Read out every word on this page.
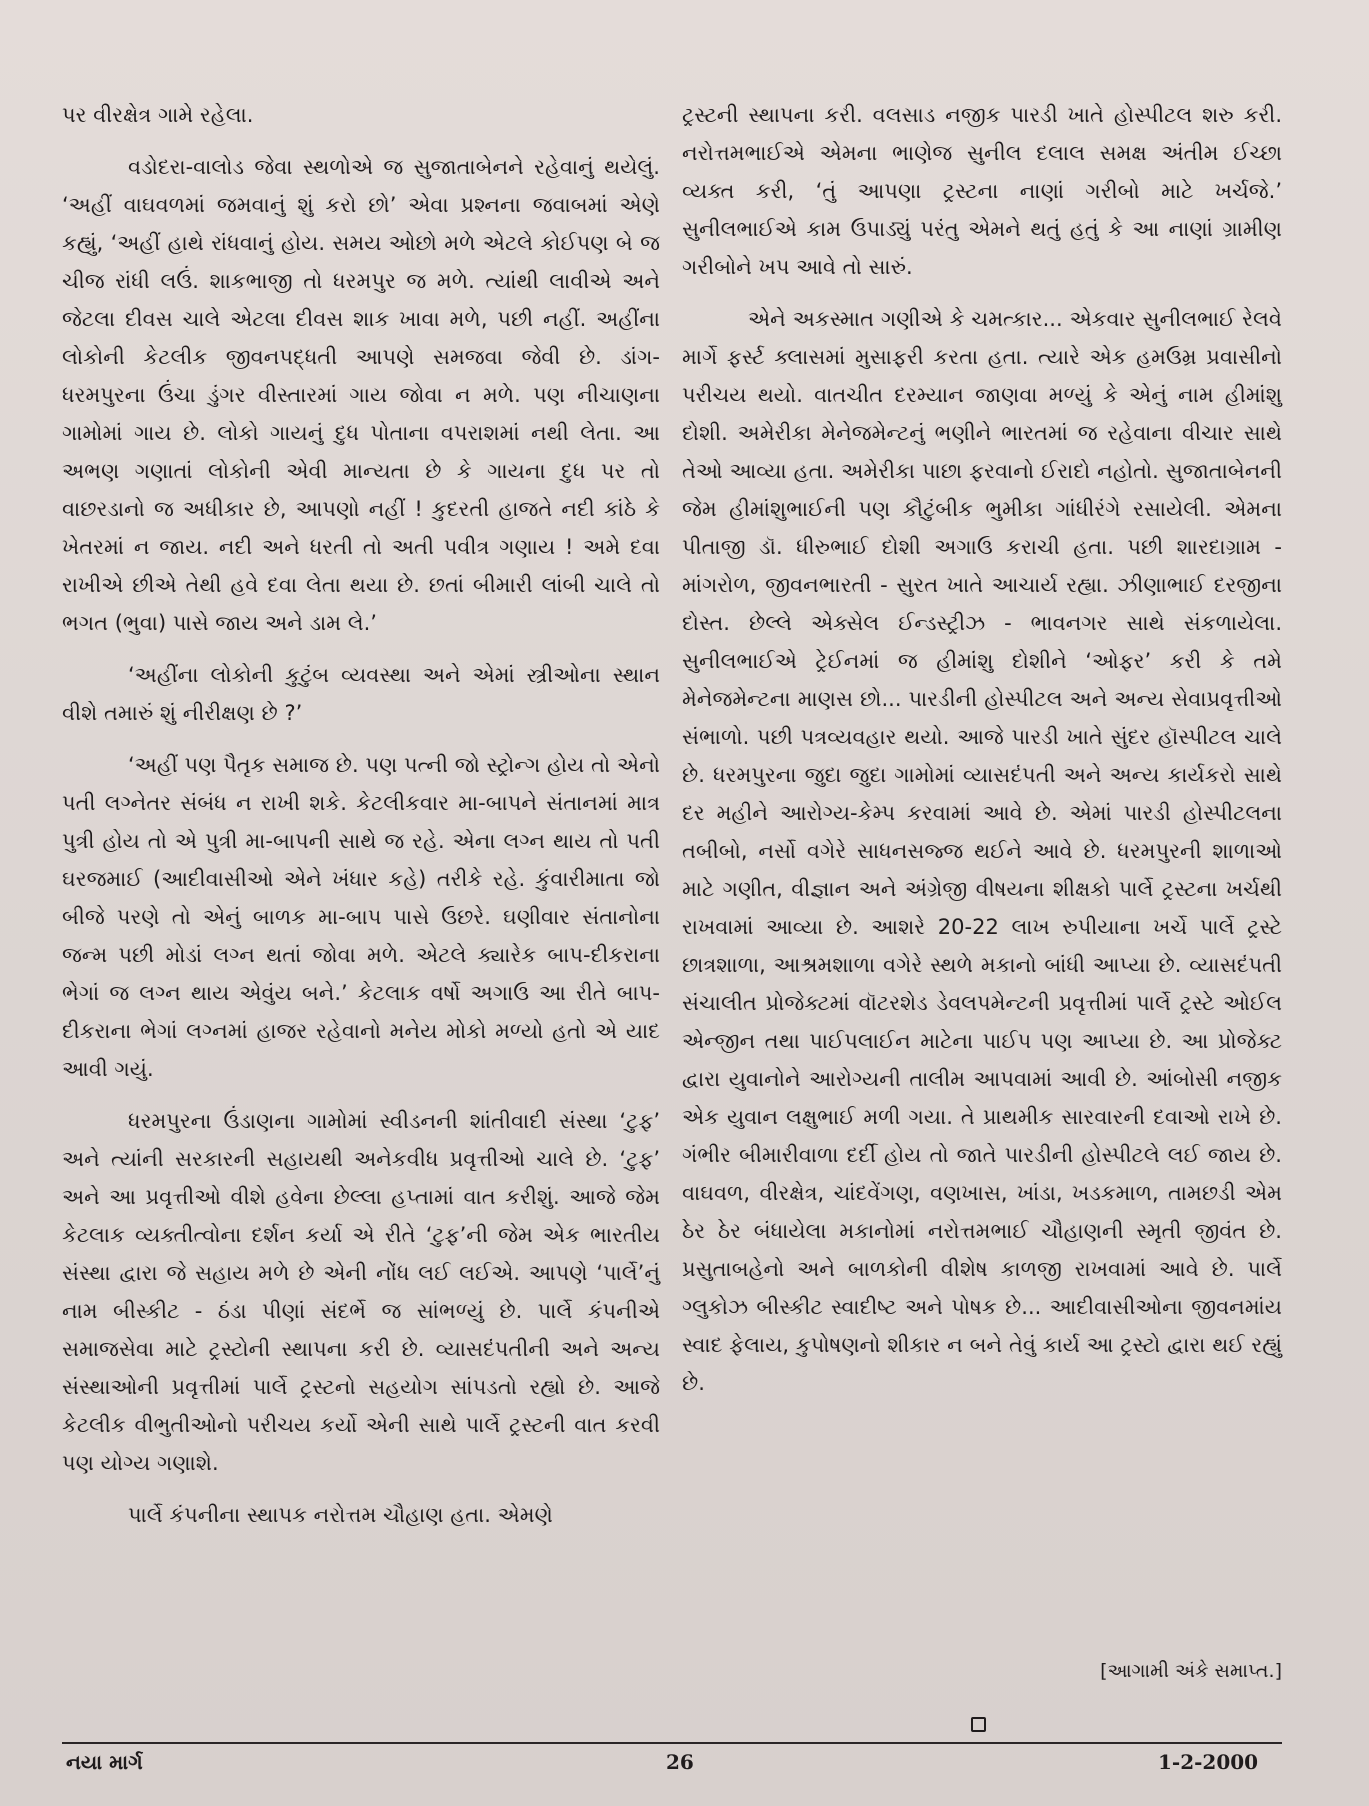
પર વીરક્ષેત્ર ગામે રહેલા.

વડોદરા-વાલોડ જેવા સ્થળોએ જ સુજાતાબેનને રહેવાનું થયેલું. ‘અહીં વાઘવળમાં જમવાનું શું કરો છો’ એવા પ્રશ્નના જવાબમાં એણે કહ્યું, ‘અહીં હાથે રાંધવાનું હોય. સમય ઓછો મળે એટલે કોઈપણ બે જ ચીજ રાંધી લઉં. શાકભાજી તો ધરમપુર જ મળે. ત્યાંથી લાવીએ અને જેટલા દીવસ ચાલે એટલા દીવસ શાક ખાવા મળે, પછી નહીં. અહીંના લોકોની કેટલીક જીવનપદ્ધતી આપણે સમજવા જેવી છે. ડાંગ-ધરમપુરના ઉંચા ડુંગર વીસ્તારમાં ગાય જોવા ન મળે. પણ નીચાણના ગામોમાં ગાય છે. લોકો ગાયનું દુધ પોતાના વપરાશમાં નથી લેતા. આ અભણ ગણાતાં લોકોની એવી માન્યતા છે કે ગાયના દુધ પર તો વાછરડાનો જ અધીકાર છે, આપણો નહીં ! કુદરતી હાજતે નદી કાંઠે કે ખેતરમાં ન જાય. નદી અને ધરતી તો અતી પવીત્ર ગણાય ! અમે દવા રાખીએ છીએ તેથી હવે દવા લેતા થયા છે. છતાં બીમારી લાંબી ચાલે તો ભગત (ભુવા) પાસે જાય અને ડામ લે.’

‘અહીંના લોકોની કુટુંબ વ્યવસ્થા અને એમાં સ્ત્રીઓના સ્થાન વીશે તમારું શું નીરીક્ષણ છે ?’

‘અહીં પણ પૈતૃક સમાજ છે. પણ પત્ની જો સ્ટ્રોન્ગ હોય તો એનો પતી લગ્નેતર સંબંધ ન રાખી શકે. કેટલીકવાર મા-બાપને સંતાનમાં માત્ર પુત્રી હોય તો એ પુત્રી મા-બાપની સાથે જ રહે. એના લગ્ન થાય તો પતી ઘરજમાઈ (આદીવાસીઓ એને ખંધાર કહે) તરીકે રહે. કુંવારીમાતા જો બીજે પરણે તો એનું બાળક મા-બાપ પાસે ઉછરે. ઘણીવાર સંતાનોના જન્મ પછી મોડાં લગ્ન થતાં જોવા મળે. એટલે ક્યારેક બાપ-દીકરાના ભેગાં જ લગ્ન થાય એવુંય બને.’ કેટલાક વર્ષો અગાઉ આ રીતે બાપ-દીકરાના ભેગાં લગ્નમાં હાજર રહેવાનો મનેય મોકો મળ્યો હતો એ યાદ આવી ગયું.

ધરમપુરના ઉંડાણના ગામોમાં સ્વીડનની શાંતીવાદી સંસ્થા ‘ટુફ’ અને ત્યાંની સરકારની સહાયથી અનેકવીધ પ્રવૃત્તીઓ ચાલે છે. ‘ટુફ’ અને આ પ્રવૃત્તીઓ વીશે હવેના છેલ્લા હપ્તામાં વાત કરીશું. આજે જેમ કેટલાક વ્યક્તીત્વોના દર્શન કર્યા એ રીતે ‘ટુફ’ની જેમ એક ભારતીય સંસ્થા દ્વારા જે સહાય મળે છે એની નોંધ લઈ લઈએ. આપણે ‘પાર્લે’નું નામ બીસ્કીટ - ઠંડા પીણાં સંદર્ભે જ સાંભળ્યું છે. પાર્લે કંપનીએ સમાજસેવા માટે ટ્રસ્ટોની સ્થાપના કરી છે. વ્યાસદંપતીની અને અન્ય સંસ્થાઓની પ્રવૃત્તીમાં પાર્લે ટ્રસ્ટનો સહયોગ સાંપડતો રહ્યો છે. આજે કેટલીક વીભુતીઓનો પરીચય કર્યો એની સાથે પાર્લે ટ્રસ્ટની વાત કરવી પણ યોગ્ય ગણાશે.

પાર્લે કંપનીના સ્થાપક નરોત્તમ ચૌહાણ હતા. એમણે

ટ્રસ્ટની સ્થાપના કરી. વલસાડ નજીક પારડી ખાતે હોસ્પીટલ શરુ કરી. નરોત્તમભાઈએ એમના ભાણેજ સુનીલ દલાલ સમક્ષ અંતીમ ઈચ્છા વ્યક્ત કરી, ‘તું આપણા ટ્રસ્ટના નાણાં ગરીબો માટે ખર્ચજે.’ સુનીલભાઈએ કામ ઉપાડ્યું પરંતુ એમને થતું હતું કે આ નાણાં ગ્રામીણ ગરીબોને ખપ આવે તો સારું.

એને અકસ્માત ગણીએ કે ચમત્કાર... એકવાર સુનીલભાઈ રેલવે માર્ગે ફર્સ્ટ ક્લાસમાં મુસાફરી કરતા હતા. ત્યારે એક હમઉમ્ર પ્રવાસીનો પરીચય થયો. વાતચીત દરમ્યાન જાણવા મળ્યું કે એનું નામ હીમાંશુ દોશી. અમેરીકા મેનેજમેન્ટનું ભણીને ભારતમાં જ રહેવાના વીચાર સાથે તેઓ આવ્યા હતા. અમેરીકા પાછા ફરવાનો ઈરાદો નહોતો. સુજાતાબેનની જેમ હીમાંશુભાઈની પણ કૌટુંબીક ભુમીકા ગાંધીરંગે રસાયેલી. એમના પીતાજી ડૉ. ધીરુભાઈ દોશી અગાઉ કરાચી હતા. પછી શારદાગ્રામ - માંગરોળ, જીવનભારતી - સુરત ખાતે આચાર્ય રહ્યા. ઝીણાભાઈ દરજીના દોસ્ત. છેલ્લે એક્સેલ ઈન્ડસ્ટ્રીઝ - ભાવનગર સાથે સંકળાયેલા. સુનીલભાઈએ ટ્રેઈનમાં જ હીમાંશુ દોશીને ‘ઓફર’ કરી કે તમે મેનેજમેન્ટના માણસ છો... પારડીની હોસ્પીટલ અને અન્ય સેવાપ્રવૃત્તીઓ સંભાળો. પછી પત્રવ્યવહાર થયો. આજે પારડી ખાતે સુંદર હૉસ્પીટલ ચાલે છે. ધરમપુરના જુદા જુદા ગામોમાં વ્યાસદંપતી અને અન્ય કાર્યકરો સાથે દર મહીને આરોગ્ય-કેમ્પ કરવામાં આવે છે. એમાં પારડી હોસ્પીટલના તબીબો, નર્સો વગેરે સાધનસજ્જ થઈને આવે છે. ધરમપુરની શાળાઓ માટે ગણીત, વીજ્ઞાન અને અંગ્રેજી વીષયના શીક્ષકો પાર્લે ટ્રસ્ટના ખર્ચથી રાખવામાં આવ્યા છે. આશરે 20-22 લાખ રુપીયાના ખર્ચે પાર્લે ટ્રસ્ટે છાત્રશાળા, આશ્રમશાળા વગેરે સ્થળે મકાનો બાંધી આપ્યા છે. વ્યાસદંપતી સંચાલીત પ્રોજેક્ટમાં વૉટરશેડ ડેવલપમેન્ટની પ્રવૃત્તીમાં પાર્લે ટ્રસ્ટે ઓઈલ એન્જીન તથા પાઈપલાઈન માટેના પાઈપ પણ આપ્યા છે. આ પ્રોજેક્ટ દ્વારા યુવાનોને આરોગ્યની તાલીમ આપવામાં આવી છે. આંબોસી નજીક એક યુવાન લક્ષુભાઈ મળી ગયા. તે પ્રાથમીક સારવારની દવાઓ રાખે છે. ગંભીર બીમારીવાળા દર્દી હોય તો જાતે પારડીની હોસ્પીટલે લઈ જાય છે. વાઘવળ, વીરક્ષેત્ર, ચાંદવેંગણ, વણખાસ, ખાંડા, ખડકમાળ, તામછડી એમ ઠેર ઠેર બંધાયેલા મકાનોમાં નરોત્તમભાઈ ચૌહાણની સ્મૃતી જીવંત છે. પ્રસુતાબહેનો અને બાળકોની વીશેષ કાળજી રાખવામાં આવે છે. પાર્લે ગ્લુકોઝ બીસ્કીટ સ્વાદીષ્ટ અને પોષક છે... આદીવાસીઓના જીવનમાંય સ્વાદ ફેલાય, કુપોષણનો શીકાર ન બને તેવું કાર્ય આ ટ્રસ્ટો દ્વારા થઈ રહ્યું છે.

[આગામી અંકે સમાપ્ત.]
નયા માર્ગ	26	1-2-2000
